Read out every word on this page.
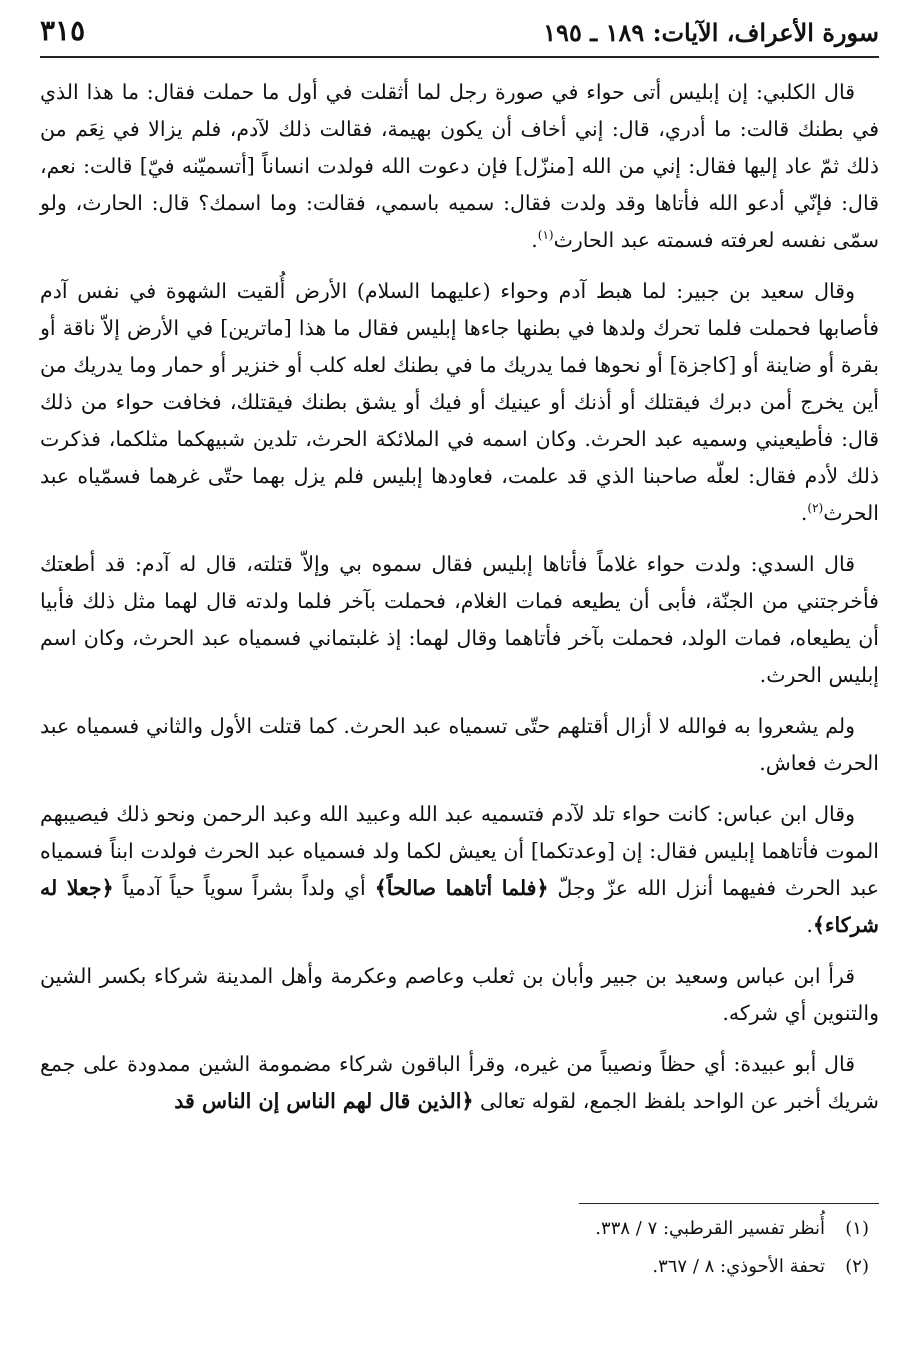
سورة الأعراف، الآيات: ١٨٩ ـ ١٩٥
٣١٥

قال الكلبي: إن إبليس أتى حواء في صورة رجل لما أثقلت في أول ما حملت فقال: ما هذا الذي في بطنك قالت: ما أدري، قال: إني أخاف أن يكون بهيمة، فقالت ذلك لآدم، فلم يزالا في نِعَم من ذلك ثمّ عاد إليها فقال: إني من الله [منزّل] فإن دعوت الله فولدت انساناً [أتسميّنه فيّ] قالت: نعم، قال: فإنّي أدعو الله فأتاها وقد ولدت فقال: سميه باسمي، فقالت: وما اسمك؟ قال: الحارث، ولو سمّى نفسه لعرفته فسمته عبد الحارث$^{(١)}$.

وقال سعيد بن جبير: لما هبط آدم وحواء (عليهما السلام) الأرض أُلقيت الشهوة في نفس آدم فأصابها فحملت فلما تحرك ولدها في بطنها جاءها إبليس فقال ما هذا [ماترين] في الأرض إلاّ ناقة أو بقرة أو ضاينة أو [كاجزة] أو نحوها فما يدريك ما في بطنك لعله كلب أو خنزير أو حمار وما يدريك من أين يخرج أمن دبرك فيقتلك أو أذنك أو عينيك أو فيك أو يشق بطنك فيقتلك، فخافت حواء من ذلك قال: فأطيعيني وسميه عبد الحرث. وكان اسمه في الملائكة الحرث، تلدين شبيهكما مثلكما، فذكرت ذلك لأدم فقال: لعلّه صاحبنا الذي قد علمت، فعاودها إبليس فلم يزل بهما حتّى غرهما فسمّياه عبد الحرث$^{(٢)}$.

قال السدي: ولدت حواء غلاماً فأتاها إبليس فقال سموه بي وإلاّ قتلته، قال له آدم: قد أطعتك فأخرجتني من الجنّة، فأبى أن يطيعه فمات الغلام، فحملت بآخر فلما ولدته قال لهما مثل ذلك فأبيا أن يطيعاه، فمات الولد، فحملت بآخر فأتاهما وقال لهما: إذ غلبتماني فسمياه عبد الحرث، وكان اسم إبليس الحرث.

ولم يشعروا به فوالله لا أزال أقتلهم حتّى تسمياه عبد الحرث. كما قتلت الأول والثاني فسمياه عبد الحرث فعاش.

وقال ابن عباس: كانت حواء تلد لآدم فتسميه عبد الله وعبيد الله وعبد الرحمن ونحو ذلك فيصيبهم الموت فأتاهما إبليس فقال: إن [وعدتكما] أن يعيش لكما ولد فسمياه عبد الحرث فولدت ابناً فسمياه عبد الحرث ففيهما أنزل الله عزّ وجلّ ﴿فلما أتاهما صالحاً﴾ أي ولداً بشراً سوياً حياً آدمياً ﴿جعلا له شركاء﴾.

قرأ ابن عباس وسعيد بن جبير وأبان بن ثعلب وعاصم وعكرمة وأهل المدينة شركاء بكسر الشين والتنوين أي شركه.

قال أبو عبيدة: أي حظاً ونصيباً من غيره، وقرأ الباقون شركاء مضمومة الشين ممدودة على جمع شريك أخبر عن الواحد بلفظ الجمع، لقوله تعالى ﴿الذين قال لهم الناس إن الناس قد

(١)أُنظر تفسير القرطبي: ٧ / ٣٣٨.
(٢)تحفة الأحوذي: ٨ / ٣٦٧.
